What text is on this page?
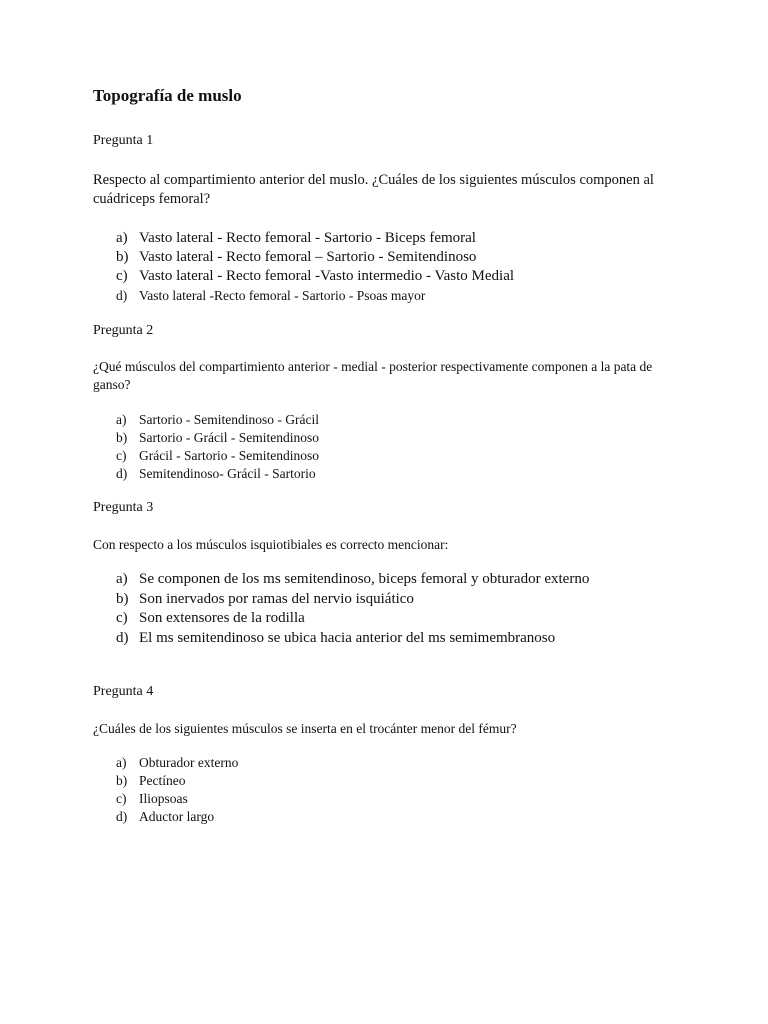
Topografía de muslo

Pregunta 1

Respecto al compartimiento anterior del muslo. ¿Cuáles de los siguientes músculos componen al cuádriceps femoral?

a) Vasto lateral - Recto femoral - Sartorio - Biceps femoral
b) Vasto lateral - Recto femoral – Sartorio - Semitendinoso
c) Vasto lateral - Recto femoral -Vasto intermedio - Vasto Medial
d) Vasto lateral -Recto femoral - Sartorio - Psoas mayor

Pregunta 2

¿Qué músculos del compartimiento anterior - medial - posterior respectivamente componen a la pata de ganso?

a) Sartorio - Semitendinoso - Grácil
b) Sartorio - Grácil - Semitendinoso
c) Grácil - Sartorio - Semitendinoso
d) Semitendinoso- Grácil - Sartorio

Pregunta 3

Con respecto a los músculos isquiotibiales es correcto mencionar:

a) Se componen de los ms semitendinoso, biceps femoral y obturador externo
b) Son inervados por ramas del nervio isquiático
c) Son extensores de la rodilla
d) El ms semitendinoso se ubica hacia anterior del ms semimembranoso

Pregunta 4

¿Cuáles de los siguientes músculos se inserta en el trocánter menor del fémur?

a) Obturador externo
b) Pectíneo
c) Iliopsoas
d) Aductor largo
